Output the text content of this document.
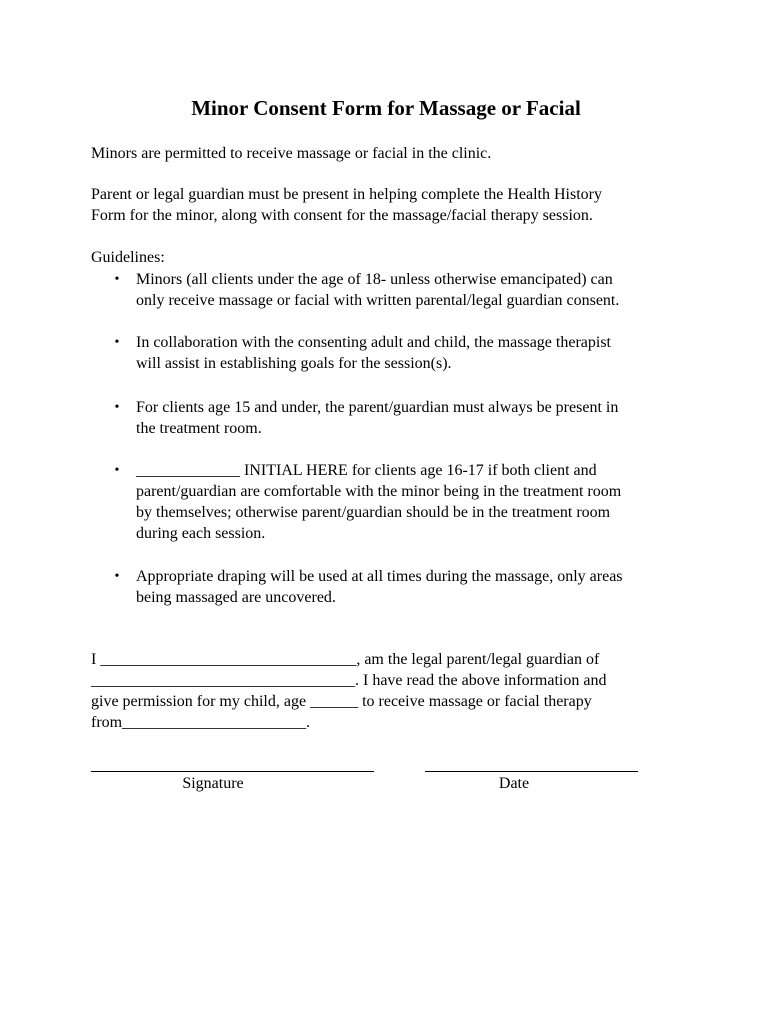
Minor Consent Form for Massage or Facial
Minors are permitted to receive massage or facial in the clinic.
Parent or legal guardian must be present in helping complete the Health History
Form for the minor, along with consent for the massage/facial therapy session.
Guidelines:
• Minors (all clients under the age of 18- unless otherwise emancipated) can
only receive massage or facial with written parental/legal guardian consent.
• In collaboration with the consenting adult and child, the massage therapist
will assist in establishing goals for the session(s).
• For clients age 15 and under, the parent/guardian must always be present in
the treatment room.
• _____________ INITIAL HERE for clients age 16-17 if both client and
parent/guardian are comfortable with the minor being in the treatment room
by themselves; otherwise parent/guardian should be in the treatment room
during each session.
• Appropriate draping will be used at all times during the massage, only areas
being massaged are uncovered.
I ________________________________, am the legal parent/legal guardian of
_________________________________. I have read the above information and
give permission for my child, age ______ to receive massage or facial therapy
from_______________________.
Signature	Date
